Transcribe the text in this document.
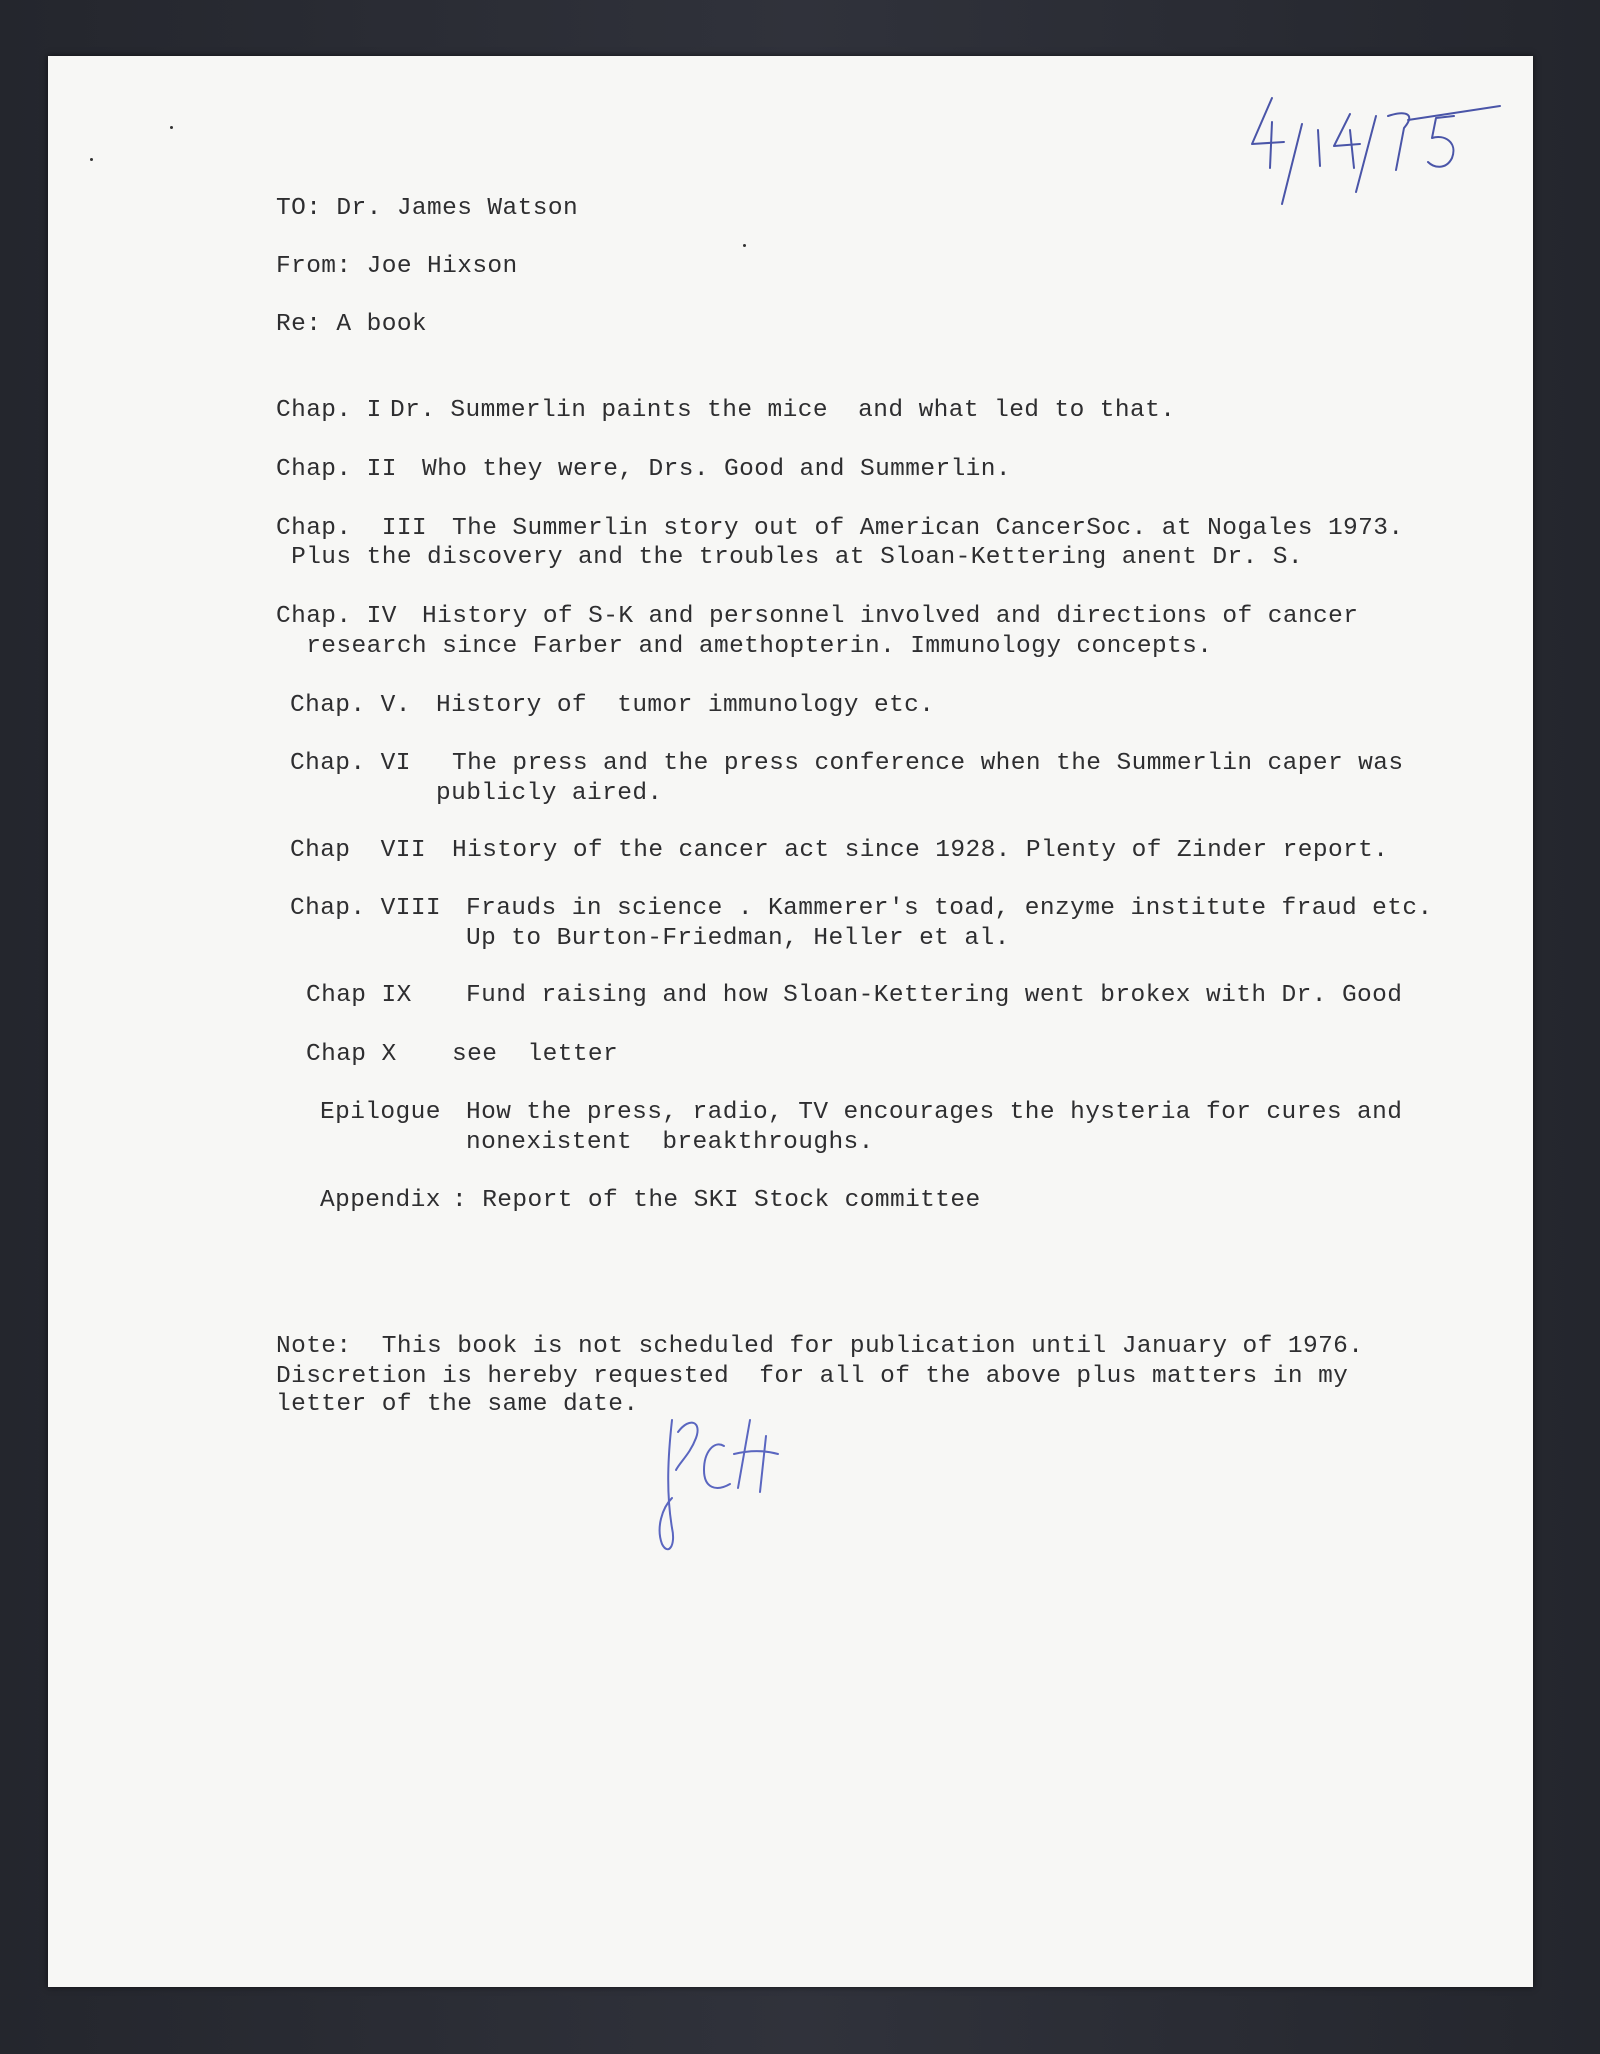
4/14/75
TO: Dr. James Watson
From: Joe Hixson
Re: A book
Chap. I Dr. Summerlin paints the mice  and what led to that.
Chap. II Who they were, Drs. Good and Summerlin.
Chap.  III The Summerlin story out of American CancerSoc. at Nogales 1973.
Plus the discovery and the troubles at Sloan-Kettering anent Dr. S.
Chap. IV History of S-K and personnel involved and directions of cancer
research since Farber and amethopterin. Immunology concepts.
Chap. V. History of  tumor immunology etc.
Chap. VI The press and the press conference when the Summerlin caper was
publicly aired.
Chap  VII History of the cancer act since 1928. Plenty of Zinder report.
Chap. VIII Frauds in science . Kammerer's toad, enzyme institute fraud etc.
Up to Burton-Friedman, Heller et al.
Chap IX Fund raising and how Sloan-Kettering went brokex with Dr. Good
Chap X see  letter
Epilogue How the press, radio, TV encourages the hysteria for cures and
nonexistent  breakthroughs.
Appendix : Report of the SKI Stock committee
Note:  This book is not scheduled for publication until January of 1976.
Discretion is hereby requested  for all of the above plus matters in my
letter of the same date.
JPC
